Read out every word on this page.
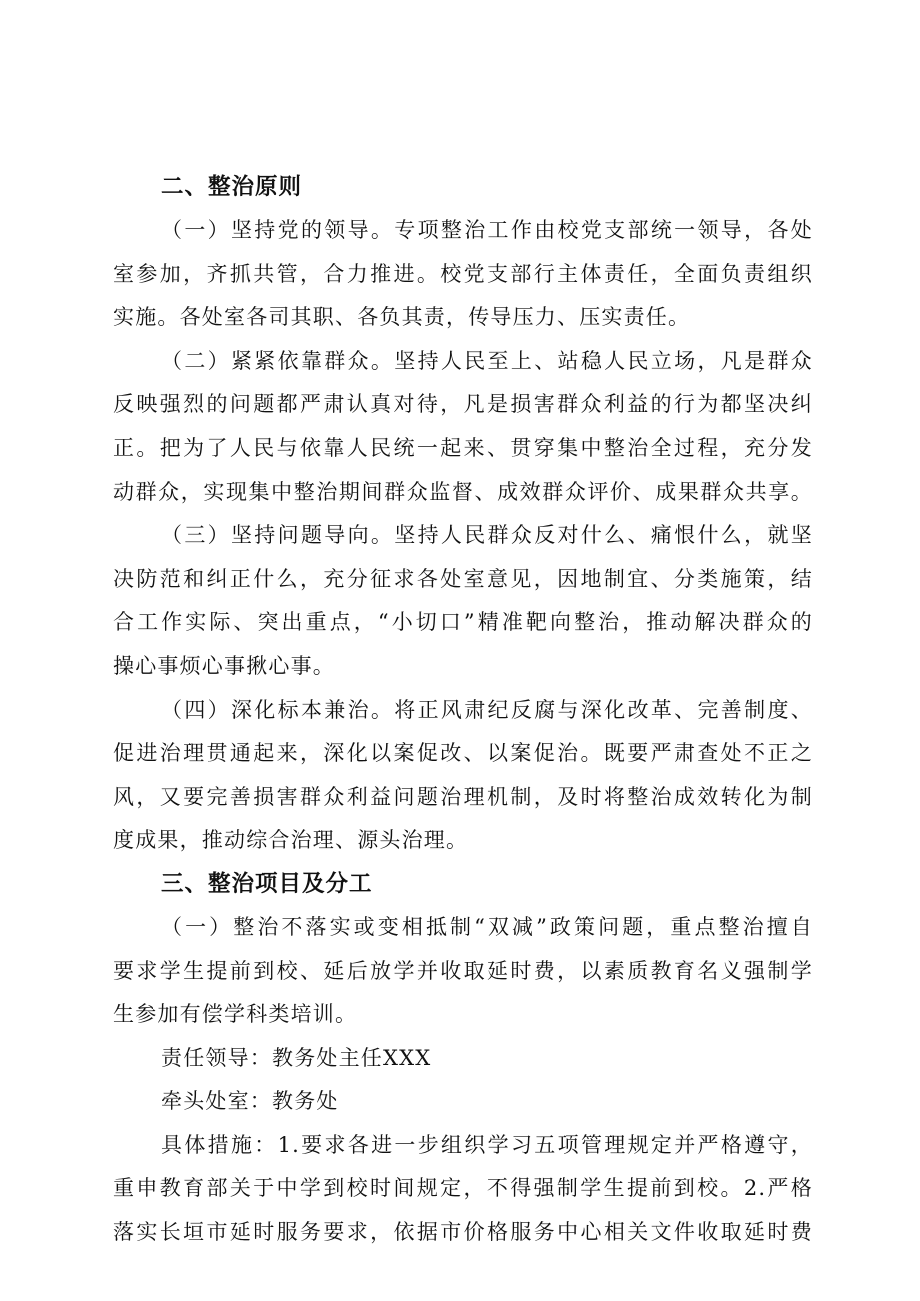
二、整治原则

（一）坚持党的领导。专项整治工作由校党支部统一领导，各处
室参加，齐抓共管，合力推进。校党支部行主体责任，全面负责组织
实施。各处室各司其职、各负其责，传导压力、压实责任。

（二）紧紧依靠群众。坚持人民至上、站稳人民立场，凡是群众
反映强烈的问题都严肃认真对待，凡是损害群众利益的行为都坚决纠
正。把为了人民与依靠人民统一起来、贯穿集中整治全过程，充分发
动群众，实现集中整治期间群众监督、成效群众评价、成果群众共享。

（三）坚持问题导向。坚持人民群众反对什么、痛恨什么，就坚
决防范和纠正什么，充分征求各处室意见，因地制宜、分类施策，结
合工作实际、突出重点，“小切口”精准靶向整治，推动解决群众的
操心事烦心事揪心事。

（四）深化标本兼治。将正风肃纪反腐与深化改革、完善制度、
促进治理贯通起来，深化以案促改、以案促治。既要严肃查处不正之
风，又要完善损害群众利益问题治理机制，及时将整治成效转化为制
度成果，推动综合治理、源头治理。

三、整治项目及分工

（一）整治不落实或变相抵制“双减”政策问题，重点整治擅自
要求学生提前到校、延后放学并收取延时费，以素质教育名义强制学
生参加有偿学科类培训。

责任领导：教务处主任XXX

牵头处室：教务处

具体措施：1.要求各进一步组织学习五项管理规定并严格遵守，
重申教育部关于中学到校时间规定，不得强制学生提前到校。2.严格
落实长垣市延时服务要求，依据市价格服务中心相关文件收取延时费
